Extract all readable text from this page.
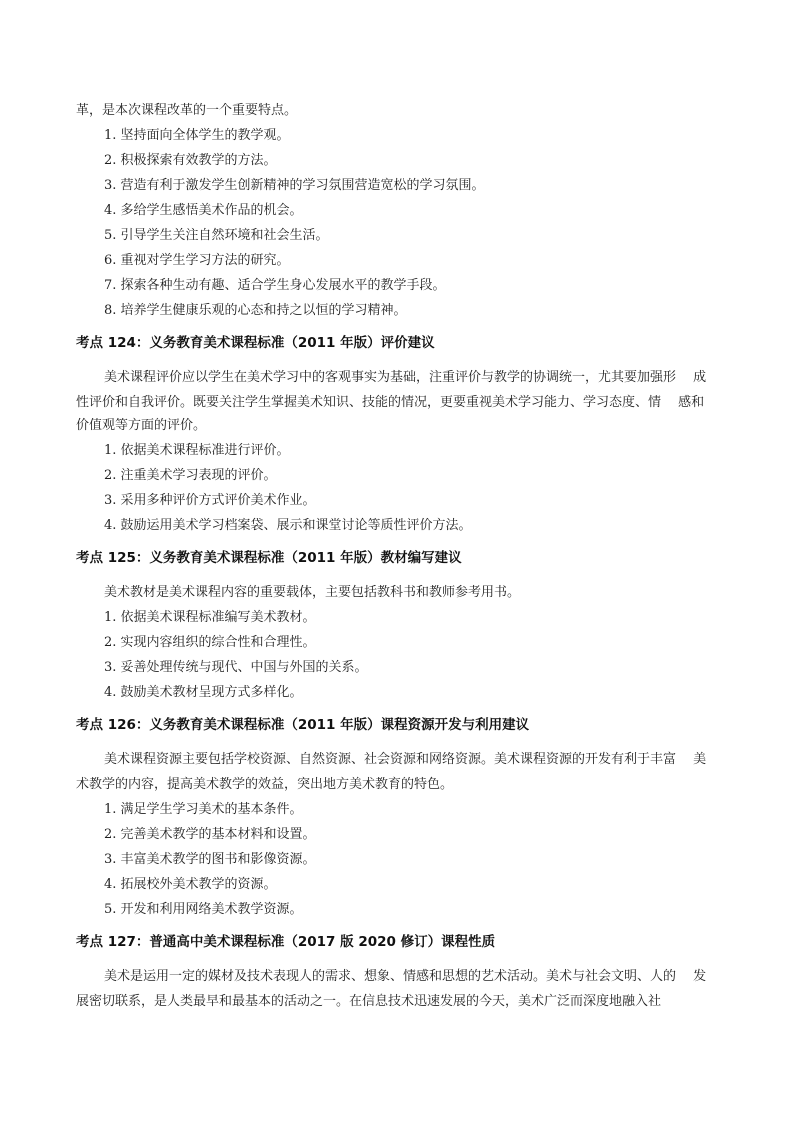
革，是本次课程改革的一个重要特点。
1. 坚持面向全体学生的教学观。
2. 积极探索有效教学的方法。
3. 营造有利于激发学生创新精神的学习氛围营造宽松的学习氛围。
4. 多给学生感悟美术作品的机会。
5. 引导学生关注自然环境和社会生活。
6. 重视对学生学习方法的研究。
7. 探索各种生动有趣、适合学生身心发展水平的教学手段。
8. 培养学生健康乐观的心态和持之以恒的学习精神。
考点 124：义务教育美术课程标准（2011 年版）评价建议
美术课程评价应以学生在美术学习中的客观事实为基础，注重评价与教学的协调统一，尤其要加强形　 成
性评价和自我评价。既要关注学生掌握美术知识、技能的情况，更要重视美术学习能力、学习态度、情　 感和
价值观等方面的评价。
1. 依据美术课程标准进行评价。
2. 注重美术学习表现的评价。
3. 采用多种评价方式评价美术作业。
4. 鼓励运用美术学习档案袋、展示和课堂讨论等质性评价方法。
考点 125：义务教育美术课程标准（2011 年版）教材编写建议
美术教材是美术课程内容的重要载体，主要包括教科书和教师参考用书。
1. 依据美术课程标准编写美术教材。
2. 实现内容组织的综合性和合理性。
3. 妥善处理传统与现代、中国与外国的关系。
4. 鼓励美术教材呈现方式多样化。
考点 126：义务教育美术课程标准（2011 年版）课程资源开发与利用建议
美术课程资源主要包括学校资源、自然资源、社会资源和网络资源。美术课程资源的开发有利于丰富　 美
术教学的内容，提高美术教学的效益，突出地方美术教育的特色。
1. 满足学生学习美术的基本条件。
2. 完善美术教学的基本材料和设置。
3. 丰富美术教学的图书和影像资源。
4. 拓展校外美术教学的资源。
5. 开发和利用网络美术教学资源。
考点 127：普通高中美术课程标准（2017 版 2020 修订）课程性质
美术是运用一定的媒材及技术表现人的需求、想象、情感和思想的艺术活动。美术与社会文明、人的　 发
展密切联系，是人类最早和最基本的活动之一。在信息技术迅速发展的今天，美术广泛而深度地融入社
